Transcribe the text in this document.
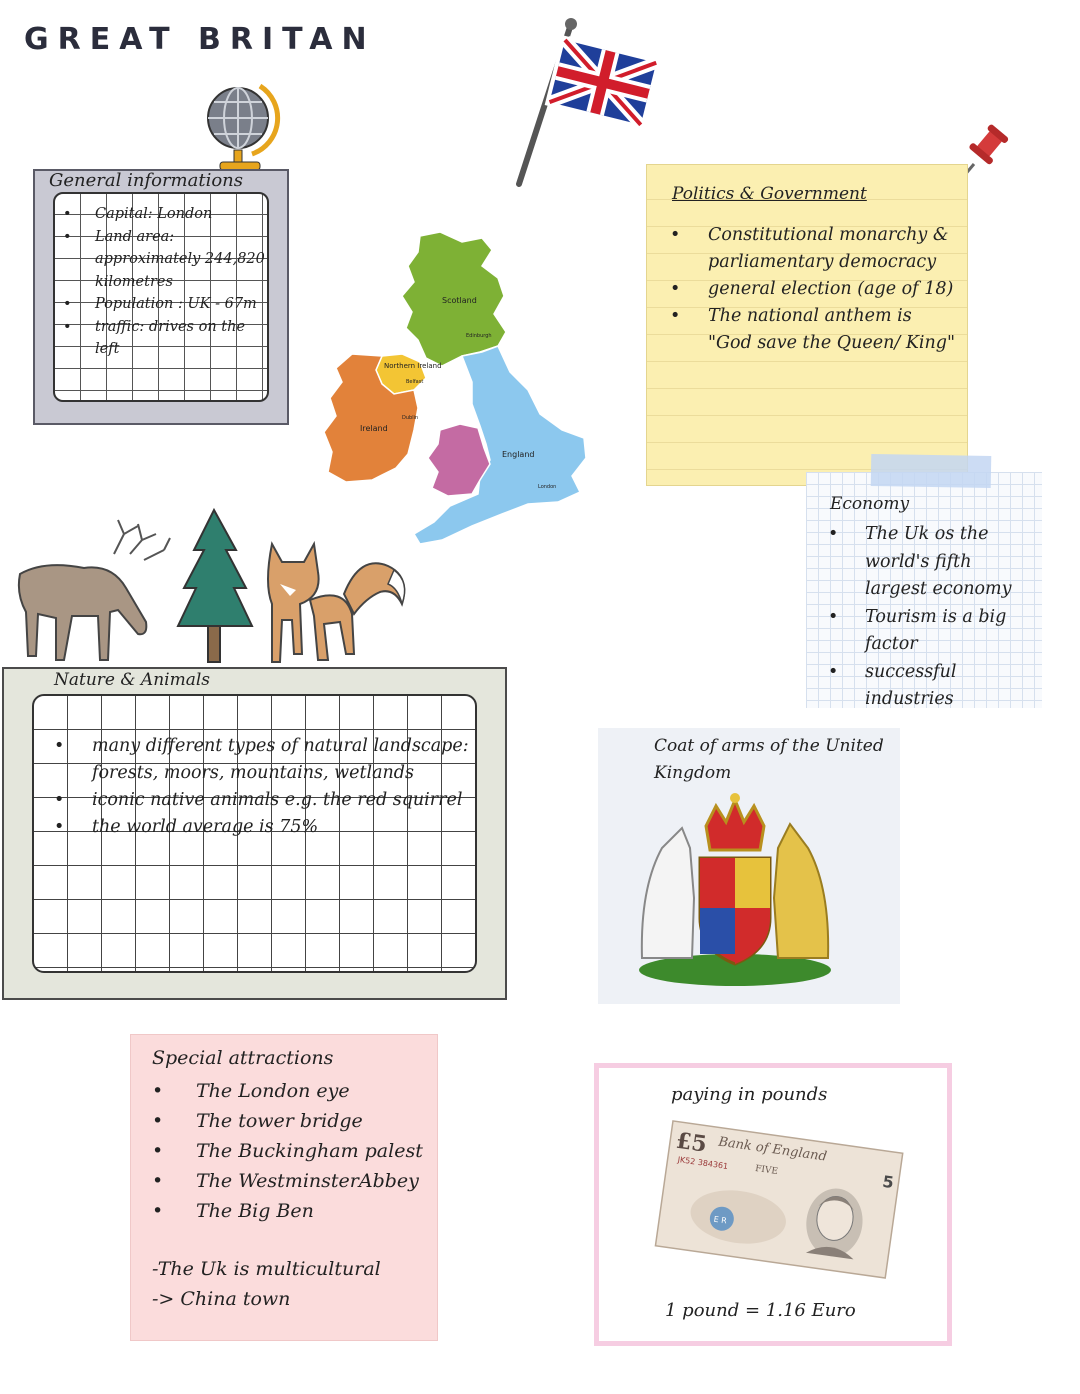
GREAT BRITAN
General informations
• Capital: London
• Land area: approximately 244,820 kilometres
• Population : UK - 67m
• traffic: drives on the left
Scotland
Edinburgh
Northern Ireland
Belfast
Ireland
Dublin
England
London
Politics & Government
• Constitutional monarchy & parliamentary democracy
• general election (age of 18)
• The national anthem is "God save the Queen/ King"
Economy
• The Uk os the world's fifth largest economy
• Tourism is a big factor
• successful industries
Nature & Animals
• many different types of natural landscape: forests, moors, mountains, wetlands
• iconic native animals e.g. the red squirrel
• the world average is 75%
Coat of arms of the United Kingdom
Special attractions
• The London eye
• The tower bridge
• The Buckingham palest
• The WestminsterAbbey
• The Big Ben
-The Uk is multicultural
-> China town
paying in pounds
£5 Bank of England
JK52 384361	FIVE
E R
5
1 pound = 1.16 Euro
